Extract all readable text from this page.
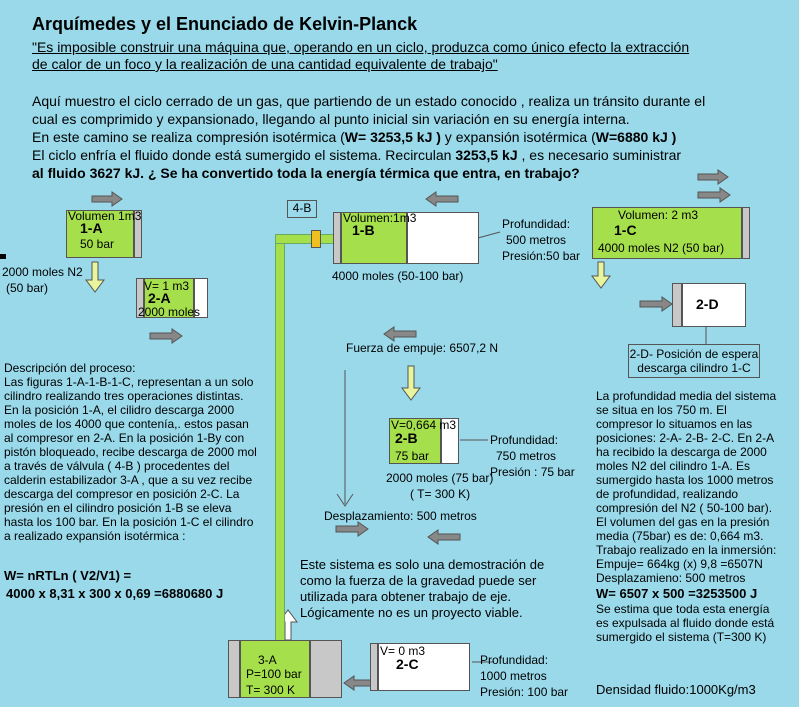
Arquímedes y el Enunciado de Kelvin-Planck
"Es imposible construir una máquina que, operando en un ciclo, produzca como único efecto la extracción
de calor de un foco y la realización de una cantidad equivalente de trabajo"
Aquí muestro el ciclo cerrado de un gas, que partiendo de un estado conocido , realiza un tránsito durante el
cual es comprimido y expansionado, llegando al punto inicial sin variación en su energía interna.
En este camino se realiza compresión isotérmica (W= 3253,5 kJ ) y expansión isotérmica (W=6880 kJ )
El ciclo enfría el fluido donde está sumergido el sistema. Recirculan 3253,5 kJ , es necesario suministrar
al fluido 3627 kJ. ¿ Se ha convertido toda la energía térmica que entra, en trabajo?
Volumen 1m3
1-A
50 bar
2000 moles N2
(50 bar)	V= 1 m3
2-A
2000 moles
4-B
Volumen:1m3
1-B
4000 moles (50-100 bar)
Profundidad:
500 metros
Presión:50 bar
Volumen: 2 m3
1-C
4000 moles N2 (50 bar)
2-D
2-D- Posición de espera
descarga cilindro 1-C
Fuerza de empuje: 6507,2 N
V=0,664 m3
2-B
75 bar
Profundidad:
750 metros
Presión : 75 bar
2000 moles (75 bar)
( T= 300 K)
Desplazamiento: 500 metros
Descripción del proceso:
Las figuras 1-A-1-B-1-C, representan a un solo
cilindro realizando tres operaciones distintas.
En la posición 1-A, el cilidro descarga 2000
moles de los 4000 que contenía,. estos pasan
al compresor en 2-A. En la posición 1-By con
pistón bloqueado, recibe descarga de 2000 mol
a través de válvula ( 4-B ) procedentes del
calderin estabilizador 3-A , que a su vez recibe
descarga del compresor en posición 2-C. La
presión en el cilindro posición 1-B se eleva
hasta los 100 bar. En la posición 1-C el cilindro
a realizado expansión isotérmica :
W= nRTLn ( V2/V1) =
4000 x 8,31 x 300 x 0,69 =6880680 J
La profundidad media del sistema
se situa en los 750 m. El
compresor lo situamos en las
posiciones: 2-A- 2-B- 2-C. En 2-A
ha recibido la descarga de 2000
moles N2 del cilindro 1-A. Es
sumergido hasta los 1000 metros
de profundidad, realizando
compresión del N2 ( 50-100 bar).
El volumen del gas en la presión
media (75bar) es de: 0,664 m3.
Trabajo realizado en la inmersión:
Empuje= 664kg (x) 9,8 =6507N
Desplazamieno: 500 metros
W= 6507 x 500 =3253500 J
Se estima que toda esta energía
es expulsada al fluido donde está
sumergido el sistema (T=300 K)
Densidad fluido:1000Kg/m3
Este sistema es solo una demostración de
como la fuerza de la gravedad puede ser
utilizada para obtener trabajo de eje.
Lógicamente no es un proyecto viable.
3-A
P=100 bar
T= 300 K
V= 0 m3
2-C	Profundidad:
1000 metros
Presión: 100 bar
